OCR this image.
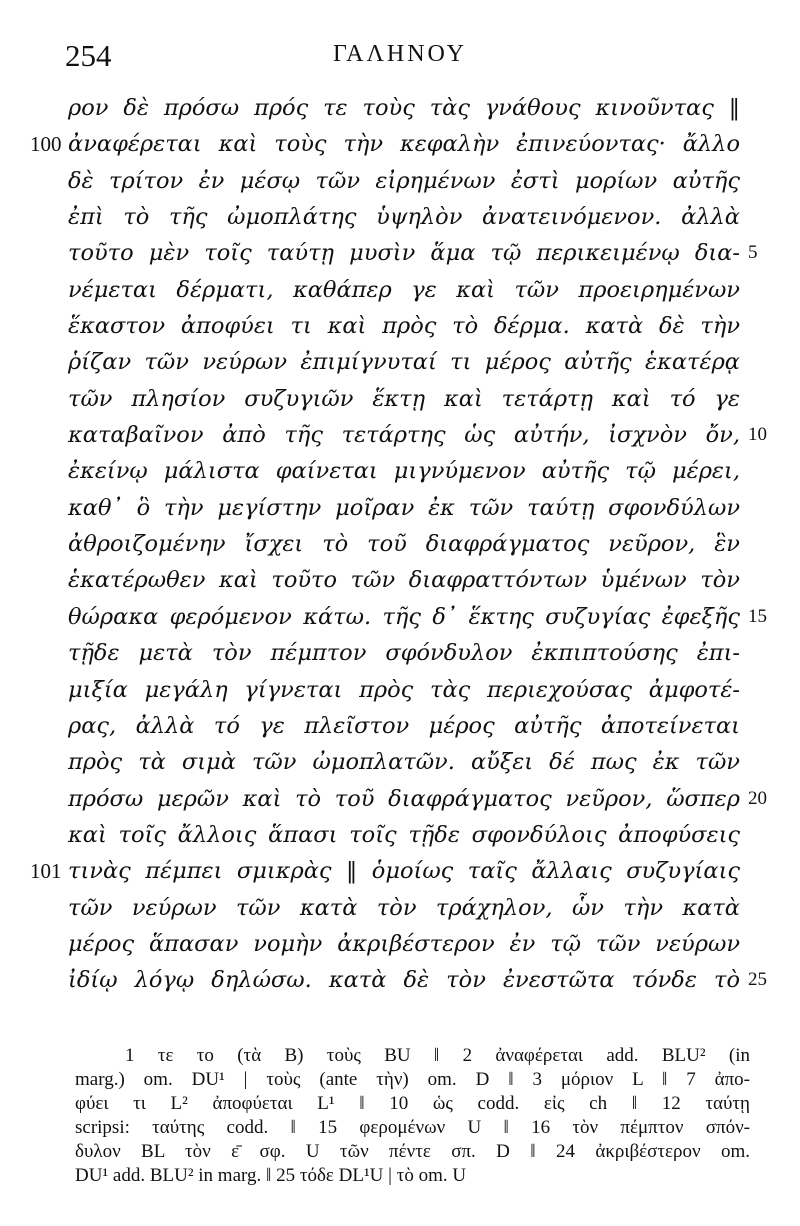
254	ΓΑΛΗΝΟΥ
ρον δὲ πρόσω πρός τε τοὺς τὰς γνάθους κινοῦντας ‖
100 ἀναφέρεται καὶ τοὺς τὴν κεφαλὴν ἐπινεύοντας· ἄλλο
δὲ τρίτον ἐν μέσῳ τῶν εἰρημένων ἐστὶ μορίων αὐτῆς
ἐπὶ τὸ τῆς ὠμοπλάτης ὑψηλὸν ἀνατεινόμενον. ἀλλὰ
τοῦτο μὲν τοῖς ταύτῃ μυσὶν ἅμα τῷ περικειμένῳ δια- 5
νέμεται δέρματι, καθάπερ γε καὶ τῶν προειρημένων
ἕκαστον ἀποφύει τι καὶ πρὸς τὸ δέρμα. κατὰ δὲ τὴν
ῥίζαν τῶν νεύρων ἐπιμίγνυταί τι μέρος αὐτῆς ἑκατέρᾳ
τῶν πλησίον συζυγιῶν ἕκτῃ καὶ τετάρτῃ καὶ τό γε
καταβαῖνον ἀπὸ τῆς τετάρτης ὡς αὐτήν, ἰσχνὸν ὄν, 10
ἐκείνῳ μάλιστα φαίνεται μιγνύμενον αὐτῆς τῷ μέρει,
καθ᾽ ὃ τὴν μεγίστην μοῖραν ἐκ τῶν ταύτῃ σφονδύλων
ἀθροιζομένην ἴσχει τὸ τοῦ διαφράγματος νεῦρον, ἓν
ἑκατέρωθεν καὶ τοῦτο τῶν διαφραττόντων ὑμένων τὸν
θώρακα φερόμενον κάτω. τῆς δ᾽ ἕκτης συζυγίας ἐφεξῆς 15
τῇδε μετὰ τὸν πέμπτον σφόνδυλον ἐκπιπτούσης ἐπι-
μιξία μεγάλη γίγνεται πρὸς τὰς περιεχούσας ἀμφοτέ-
ρας, ἀλλὰ τό γε πλεῖστον μέρος αὐτῆς ἀποτείνεται
πρὸς τὰ σιμὰ τῶν ὠμοπλατῶν. αὔξει δέ πως ἐκ τῶν
πρόσω μερῶν καὶ τὸ τοῦ διαφράγματος νεῦρον, ὥσπερ 20
καὶ τοῖς ἄλλοις ἅπασι τοῖς τῇδε σφονδύλοις ἀποφύσεις
101 τινὰς πέμπει σμικρὰς ‖ ὁμοίως ταῖς ἄλλαις συζυγίαις
τῶν νεύρων τῶν κατὰ τὸν τράχηλον, ὧν τὴν κατὰ
μέρος ἅπασαν νομὴν ἀκριβέστερον ἐν τῷ τῶν νεύρων
ἰδίῳ λόγῳ δηλώσω. κατὰ δὲ τὸν ἐνεστῶτα τόνδε τὸ 25
1 τε το (τὰ B) τοὺς BU ‖ 2 ἀναφέρεται add. BLU² (in
marg.) om. DU¹ | τοὺς (ante τὴν) om. D ‖ 3 μόριον L ‖ 7 ἀπο-
φύει τι L² ἀποφύεται L¹ ‖ 10 ὡς codd. εἰς ch ‖ 12 ταύτῃ
scripsi: ταύτης codd. ‖ 15 φερομένων U ‖ 16 τὸν πέμπτον σπόν-
δυλον BL τὸν ε̄ σφ. U τῶν πέντε σπ. D ‖ 24 ἀκριβέστερον om.
DU¹ add. BLU² in marg. ‖ 25 τόδε DL¹U | τὸ om. U
